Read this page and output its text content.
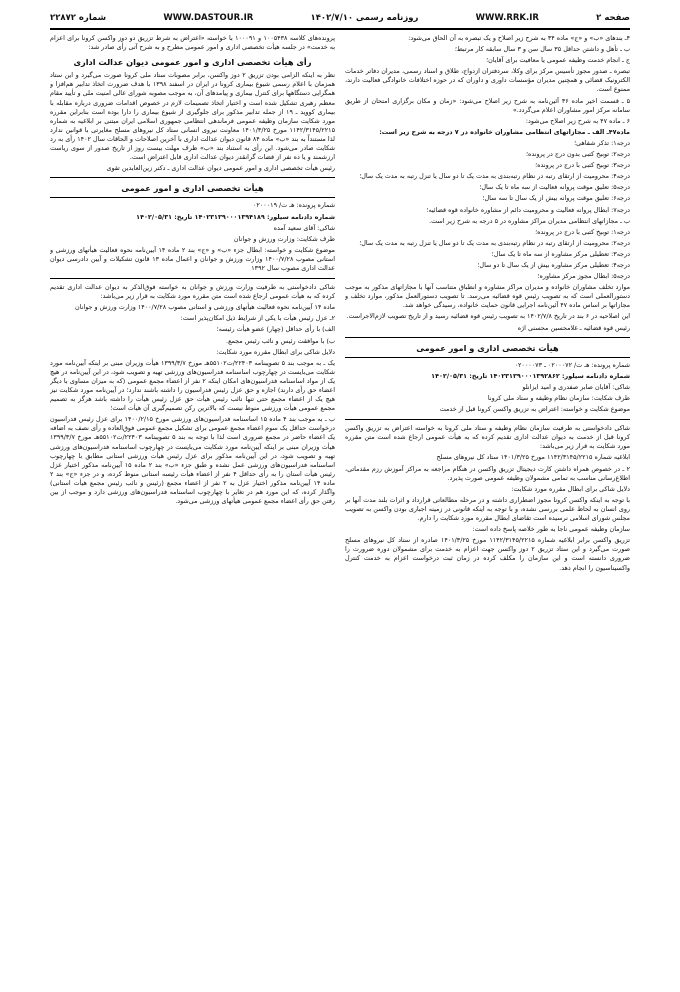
شماره ۲۲۸۷۲	WWW.DASTOUR.IR	روزنامه رسمی ۱۴۰۲/۷/۱۰	WWW.RRK.IR	صفحه ۲

۴ـ بندهای «ب» و «ج» ماده ۳۴ به شرح زیر اصلاح و یک تبصره به آن الحاق می‌شود:

ب ـ تأهل و داشتن حداقل ۳۵ سال سن و ۳ سال سابقه کار مرتبط؛

ج ـ انجام خدمت وظیفه عمومی یا معافیت برای آقایان؛

تبصره ـ صدور مجوز تأسیس مرکز برای وکلا، سردفتران ازدواج، طلاق و اسناد رسمی، مدیران دفاتر خدمات الکترونیک قضائی و همچنین مدیران مؤسسات داوری و داوران که در حوزه اختلافات خانوادگی فعالیت دارند، ممنوع است.

۵ ـ قسمت اخیر ماده ۳۶ آئین‌نامه به شرح زیر اصلاح می‌شود: «زمان و مکان برگزاری امتحان از طریق سامانه مرکز امور مشاوران اعلام می‌گردد.»

۶ ـ ماده ۴۷ به شرح زیر اصلاح می‌شود:

ماده۴۷ـ الف ـ مجازاتهای انتظامی مشاوران خانواده در ۷ درجه به شرح زیر است:

درجه۱: تذکر شفاهی؛

درجه۲: توبیخ کتبی بدون درج در پرونده؛

درجه۳: توبیخ کتبی با درج در پرونده؛

درجه۴: محرومیت از ارتقای رتبه در نظام رتبه‌بندی به مدت یک تا دو سال یا تنزل رتبه به مدت یک سال؛

درجه۵: تعلیق موقت پروانه فعالیت از سه ماه تا یک سال؛

درجه۶: تعلیق موقت پروانه بیش از یک سال تا سه سال؛

درجه۷: ابطال پروانه فعالیت و محرومیت دائم از مشاوره خانواده قوه قضائیه؛

ب ـ مجازاتهای انتظامی مدیران مراکز مشاوره در ۵ درجه به شرح زیر است.

درجه۱: توبیخ کتبی با درج در پرونده؛

درجه۲: محرومیت از ارتقای رتبه در نظام رتبه‌بندی به مدت یک تا دو سال یا تنزل رتبه به مدت یک سال؛

درجه۳: تعطیلی مرکز مشاوره از سه ماه تا یک سال؛

درجه۴: تعطیلی مرکز مشاوره بیش از یک سال تا دو سال؛

درجه۵: ابطال مجوز مرکز مشاوره؛

موارد تخلف مشاوران خانواده و مدیران مراکز مشاوره و انطباق متناسب آنها با مجازاتهای مذکور به موجب دستورالعملی است که به تصویب رئیس قوه قضائیه می‌رسد. تا تصویب دستورالعمل مذکور، موارد تخلف و مجازاتها بر اساس ماده ۴۷ آئین‌نامه اجرایی قانون حمایت خانواده، رسیدگی خواهد شد.

این اصلاحیه در ۶ بند در تاریخ ۱۴۰۲/۷/۸ به تصویب رئیس قوه قضائیه رسید و از تاریخ تصویب لازم‌الاجراست.

رئیس قوه قضائیه ـ غلامحسین محسنی اژه

هیأت تخصصی اداری و امور عمومی

شماره پرونده: هـ ت/ ۰۲۰۰۰۷۲ ـ ۰۲۰۰۰۰۷۳

شماره دادنامه سیلور: ۱۴۰۲۳۱۳۹۰۰۰۱۳۹۲۸۶۲ تاریخ: ۱۴۰۲/۰۵/۳۱

شاکی: آقایان صابر صفدری و امید ایزانلو

طرف شکایت: سازمان نظام وظیفه و ستاد ملی کرونا

موضوع شکایت و خواسته: اعتراض به تزریق واکسن کرونا قبل از خدمت

شاکی دادخواستی به طرفیت سازمان نظام وظیفه و ستاد ملی کرونا به خواسته اعتراض به تزریق واکسن کرونا قبل از خدمت به دیوان عدالت اداری تقدیم کرده که به هیأت عمومی ارجاع شده است متن مقرره مورد شکایت به قرار زیر می‌باشد:

ابلاغیه شماره ۱۱۴۲/۳۱۴۵/۲۲۱۵ مورخ ۱۴۰۱/۳/۲۵ ستاد کل نیروهای مسلح

۲ ـ در خصوص همراه داشتن کارت دیجیتال تزریق واکسن در هنگام مراجعه به مراکز آموزش رزم مقدماتی، اطلاع‌رسانی مناسب به تمامی مشمولان وظیفه عمومی صورت پذیرد.

دلایل شاکی برای ابطال مقرره مورد شکایت:

با توجه به اینکه واکسن کرونا مجوز اضطراری داشته و در مرحله مطالعاتی قرارداد و اثرات بلند مدت آنها بر روی انسان به لحاظ علمی بررسی نشده، و با توجه به اینکه قانونی در زمینه اجباری بودن واکسن به تصویب مجلس شورای اسلامی نرسیده است تقاضای ابطال مقرره مورد شکایت را دارم.

سازمان وظیفه عمومی ناجا به طور خلاصه پاسخ داده است:

تزریق واکسن برابر ابلاغیه شماره ۱۱۴۲/۳۱۴۵/۲۲۱۵ مورخ ۱۴۰۱/۳/۲۵ صادره از ستاد کل نیروهای مسلح صورت می‌گیرد و این ستاد تزریق ۲ دوز واکسن جهت اعزام به خدمت برای مشمولان دوره ضرورت را ضروری دانسته است و این سازمان را مکلف کرده در زمان ثبت درخواست اعزام به خدمت کنترل واکسیناسیون را انجام دهد.

پرونده‌های کلاسه ۱۰۰۵۴۳۸ و ۱۰۰۰۹۱ با خواسته «اعتراض به شرط تزریق دو دوز واکسن کرونا برای اعزام به خدمت» در جلسه هیأت تخصصی اداری و امور عمومی مطرح و به شرح آتی رأی صادر شد:

رأی هیأت تخصصی اداری و امور عمومی دیوان عدالت اداری

نظر به اینکه الزامی بودن تزریق ۲ دوز واکسن، برابر مصوبات ستاد ملی کرونا صورت می‌گیرد و این ستاد همزمان با اعلام رسمی شیوع بیماری کرونا در ایران در اسفند ۱۳۹۸ با هدف ضرورت اتخاذ تدابیر هم‌افزا و همگرایی دستگاهها برای کنترل بیماری و پیامدهای آن، به موجب مصوبه شورای عالی امنیت ملی و تأیید مقام معظم رهبری تشکیل شده است و اختیار اتخاذ تصمیمات لازم در خصوص اقدامات ضروری درباره مقابله با بیماری کووید ـ ۱۹ از جمله تدابیر مذکور برای جلوگیری از شیوع بیماری را دارا بوده است بنابراین مقرره مورد شکایت سازمان وظیفه عمومی فرماندهی انتظامی جمهوری اسلامی ایران مبتنی بر ابلاغیه به شماره ۱۱۴۲/۳۱۴۵/۲۲۱۵ مورخ ۱۴۰۱/۳/۲۵ معاونت نیروی انسانی ستاد کل نیروهای مسلح مغایرتی با قوانین ندارد لذا مستنداً به بند «ب» ماده ۸۴ قانون دیوان عدالت اداری با آخرین اصلاحات و الحاقات سال ۱۴۰۲ رأی به رد شکایت صادر می‌شود. این رأی به استناد بند «ب» ظرف مهلت بیست روز از تاریخ صدور از سوی ریاست ارزشمند و یا ده نفر از قضات گرانقدر دیوان عدالت اداری قابل اعتراض است.

رئیس هیأت تخصصی اداری و امور عمومی دیوان عدالت اداری ـ دکتر زین‌العابدین تقوی

هیأت تخصصی اداری و امور عمومی

شماره پرونده: هـ ت/ ۰۲۰۰۰۱۹

شماره دادنامه سیلور: ۱۴۰۲۳۱۳۹۰۰۰۱۳۹۴۱۸۹ تاریخ: ۱۴۰۲/۰۵/۳۱

شاکی: آقای سعید آمده

طرف شکایت: وزارت ورزش و جوانان

موضوع شکایت و خواسته: ابطال جزء «ب» و «ج» بند ۲ ماده ۱۴ آیین‌نامه نحوه فعالیت هیأتهای ورزشی و استانی مصوب ۱۴۰۰/۷/۲۸ وزارت ورزش و جوانان و اعمال ماده ۱۳ قانون تشکیلات و آیین دادرسی دیوان عدالت اداری مصوب سال ۱۳۹۲

شاکی دادخواستی به طرفیت وزارت ورزش و جوانان به خواسته فوق‌الذکر به دیوان عدالت اداری تقدیم کرده که به هیأت عمومی ارجاع شده است متن مقرره مورد شکایت به قرار زیر می‌باشد:

ماده ۱۴ آیین‌نامه نحوه فعالیت هیأتهای ورزشی و استانی مصوب ۱۴۰۰/۷/۲۸ وزارت ورزش و جوانان

۲ـ عزل رئیس هیأت با یکی از شرایط ذیل امکان‌پذیر است:

الف) با رأی حداقل (چهار) عضو هیأت رئیسه؛

ب) با موافقت رئیس و نائب رئیس مجمع.

دلایل شاکی برای ابطال مقرره مورد شکایت:

یک ـ به موجب بند ۵ تصویبنامه ۲۲۴۰۳/ت۵۵۱۰۲هـ مورخ ۱۳۹۹/۳/۷ هیأت وزیران مبنی بر اینکه آیین‌نامه مورد شکایت می‌بایست در چهارچوب اساسنامه فدراسیون‌های ورزشی تهیه و تصویب شود، در این آیین‌نامه در هیچ یک از مواد اساسنامه فدراسیون‌های امکان اینکه ۲ نفر از اعضاء مجمع عمومی (که به میزان مساوی با دیگر اعضاء حق رأی دارند) اجازه و حق عزل رئیس فدراسیون را داشته باشند ندارد؛ در آیین‌نامه مورد شکایت نیز هیچ یک از اعضاء مجمع حتی تنها نائب رئیس هیأت حق عزل رئیس هیأت را داشته باشد هرگز به تصمیم مجمع عمومی هیأت ورزشی منوط نیست که بالاترین رکن تصمیم‌گیری آن هیأت است؛

ب ـ به موجب بند ۴ ماده ۱۵ اساسنامه فدراسیون‌های ورزشی مورخ ۱۴۰۰/۲/۱۵ برای عزل رئیس فدراسیون درخواست حداقل یک سوم اعضاء مجمع عمومی برای تشکیل مجمع عمومی فوق‌العاده و رأی نصف به اضافه یک اعضاء حاضر در مجمع ضروری است لذا با توجه به بند ۵ تصویبنامه ۲۲۴۰۳/ت۵۵۱۰۲هـ مورخ ۱۳۹۹/۳/۷ هیأت وزیران مبنی بر اینکه آیین‌نامه مورد شکایت می‌بایست در چهارچوب اساسنامه فدراسیون‌های ورزشی تهیه و تصویب شود، در این آیین‌نامه مذکور برای عزل رئیس هیأت ورزشی استانی مطابق با چهارچوب اساسنامه فدراسیون‌های ورزشی عمل نشده و طبق جزء «ب» بند ۲ ماده ۱۵ آیین‌نامه مذکور اختیار عزل رئیس هیأت استان را به رأی حداقل ۴ نفر از اعضاء هیأت رئیسه استانی منوط کرده، و در جزء «ج» بند ۲ ماده ۱۴ آیین‌نامه مذکور اختیار عزل به ۲ نفر از اعضاء مجمع (رئیس و نائب رئیس مجمع هیأت استانی) واگذار کرده، که این مورد هم در تغایر با چهارچوب اساسنامه فدراسیون‌های ورزشی دارد و موجب از بین رفتن حق رأی اعضاء مجمع عمومی هیأتهای ورزشی می‌شود.
